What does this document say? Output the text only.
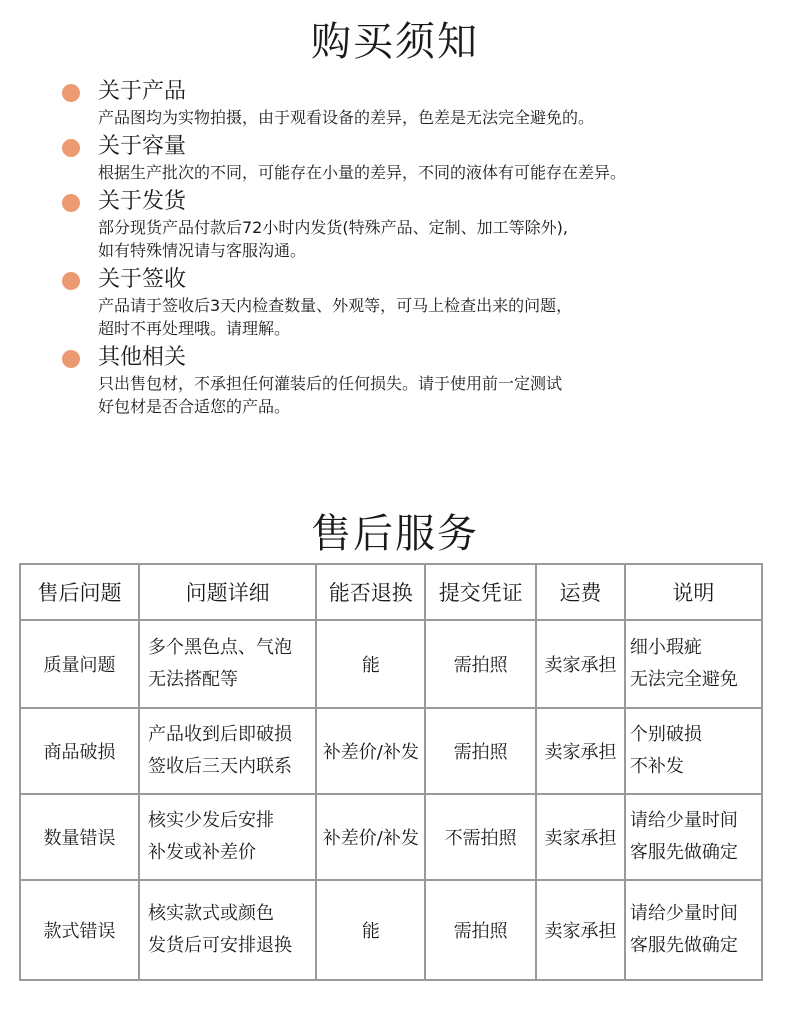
购买须知

关于产品

产品图均为实物拍摄，由于观看设备的差异，色差是无法完全避免的。

关于容量

根据生产批次的不同，可能存在小量的差异，不同的液体有可能存在差异。

关于发货

部分现货产品付款后72小时内发货(特殊产品、定制、加工等除外),

如有特殊情况请与客服沟通。

关于签收

产品请于签收后3天内检查数量、外观等，可马上检查出来的问题，

超时不再处理哦。请理解。

其他相关

只出售包材，不承担任何灌装后的任何损失。请于使用前一定测试

好包材是否合适您的产品。

售后服务
售后问题	问题详细	能否退换	提交凭证	运费	说明
质量问题	多个黑色点、气泡
无法搭配等	能	需拍照	卖家承担	细小瑕疵
无法完全避免

商品破损	产品收到后即破损
签收后三天内联系	补差价/补发	需拍照	卖家承担	个别破损
不补发

数量错误	核实少发后安排
补发或补差价	补差价/补发	不需拍照	卖家承担	请给少量时间
客服先做确定

款式错误	核实款式或颜色
发货后可安排退换	能	需拍照	卖家承担	请给少量时间
客服先做确定
